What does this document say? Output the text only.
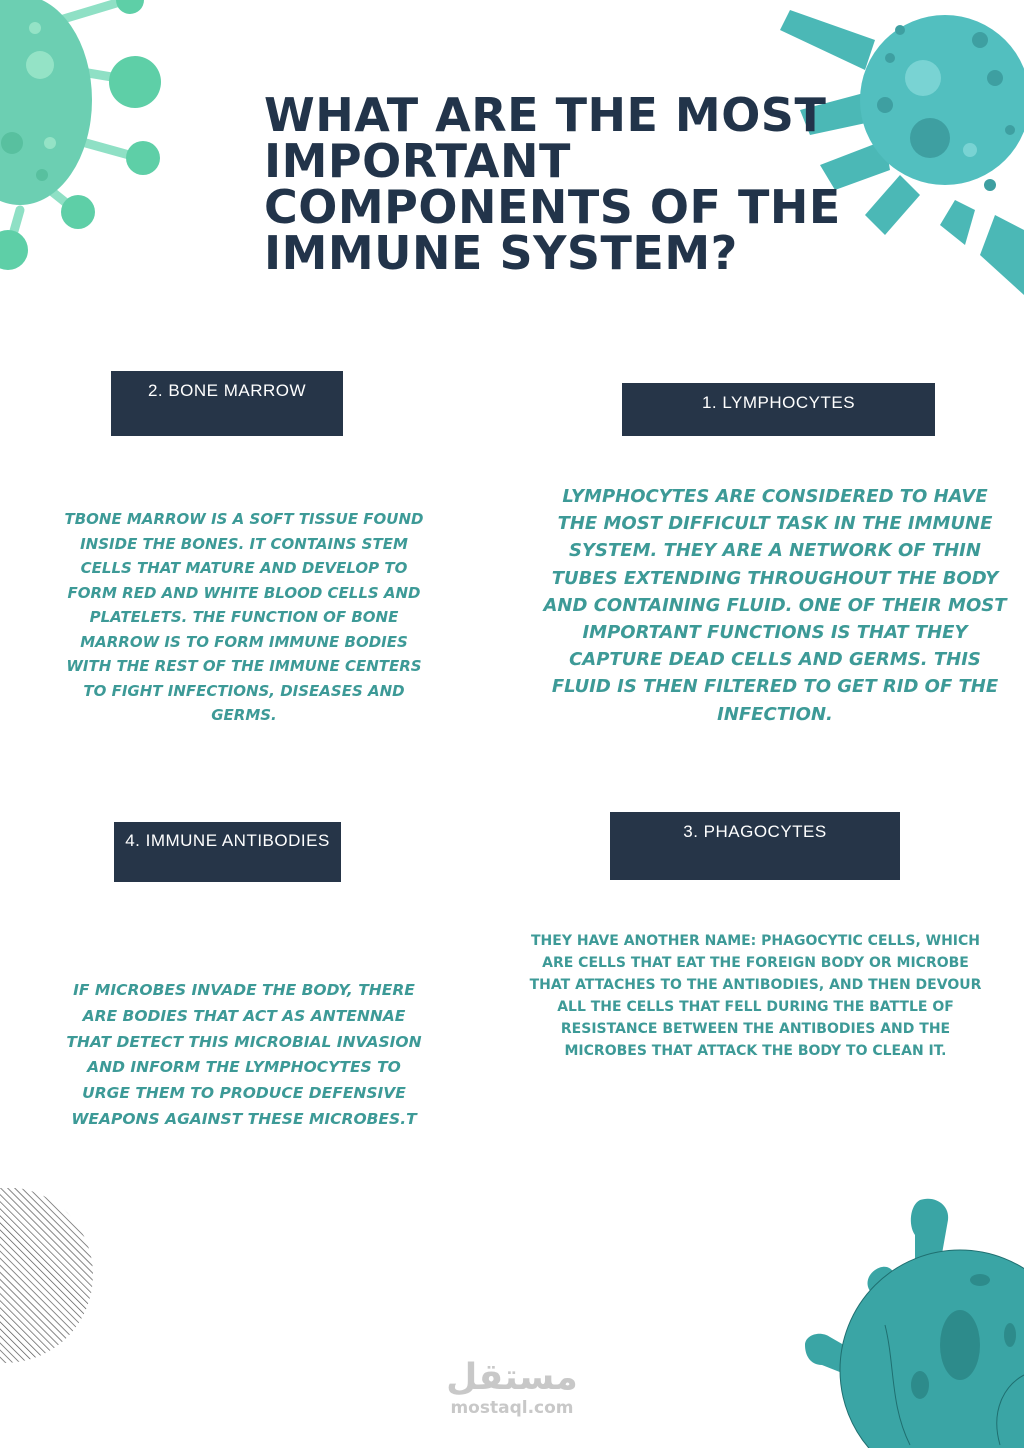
WHAT ARE THE MOST IMPORTANT COMPONENTS OF THE IMMUNE SYSTEM?
2. BONE MARROW
1. LYMPHOCYTES
4. IMMUNE ANTIBODIES	3. PHAGOCYTES

TBONE MARROW IS A SOFT TISSUE FOUND INSIDE THE BONES. IT CONTAINS STEM CELLS THAT MATURE AND DEVELOP TO FORM RED AND WHITE BLOOD CELLS AND PLATELETS. THE FUNCTION OF BONE MARROW IS TO FORM IMMUNE BODIES WITH THE REST OF THE IMMUNE CENTERS TO FIGHT INFECTIONS, DISEASES AND GERMS.

LYMPHOCYTES ARE CONSIDERED TO HAVE THE MOST DIFFICULT TASK IN THE IMMUNE SYSTEM. THEY ARE A NETWORK OF THIN TUBES EXTENDING THROUGHOUT THE BODY AND CONTAINING FLUID. ONE OF THEIR MOST IMPORTANT FUNCTIONS IS THAT THEY CAPTURE DEAD CELLS AND GERMS. THIS FLUID IS THEN FILTERED TO GET RID OF THE INFECTION.

IF MICROBES INVADE THE BODY, THERE ARE BODIES THAT ACT AS ANTENNAE THAT DETECT THIS MICROBIAL INVASION AND INFORM THE LYMPHOCYTES TO URGE THEM TO PRODUCE DEFENSIVE WEAPONS AGAINST THESE MICROBES.T

THEY HAVE ANOTHER NAME: PHAGOCYTIC CELLS, WHICH ARE CELLS THAT EAT THE FOREIGN BODY OR MICROBE THAT ATTACHES TO THE ANTIBODIES, AND THEN DEVOUR ALL THE CELLS THAT FELL DURING THE BATTLE OF RESISTANCE BETWEEN THE ANTIBODIES AND THE MICROBES THAT ATTACK THE BODY TO CLEAN IT.

مستقل
mostaql.com
